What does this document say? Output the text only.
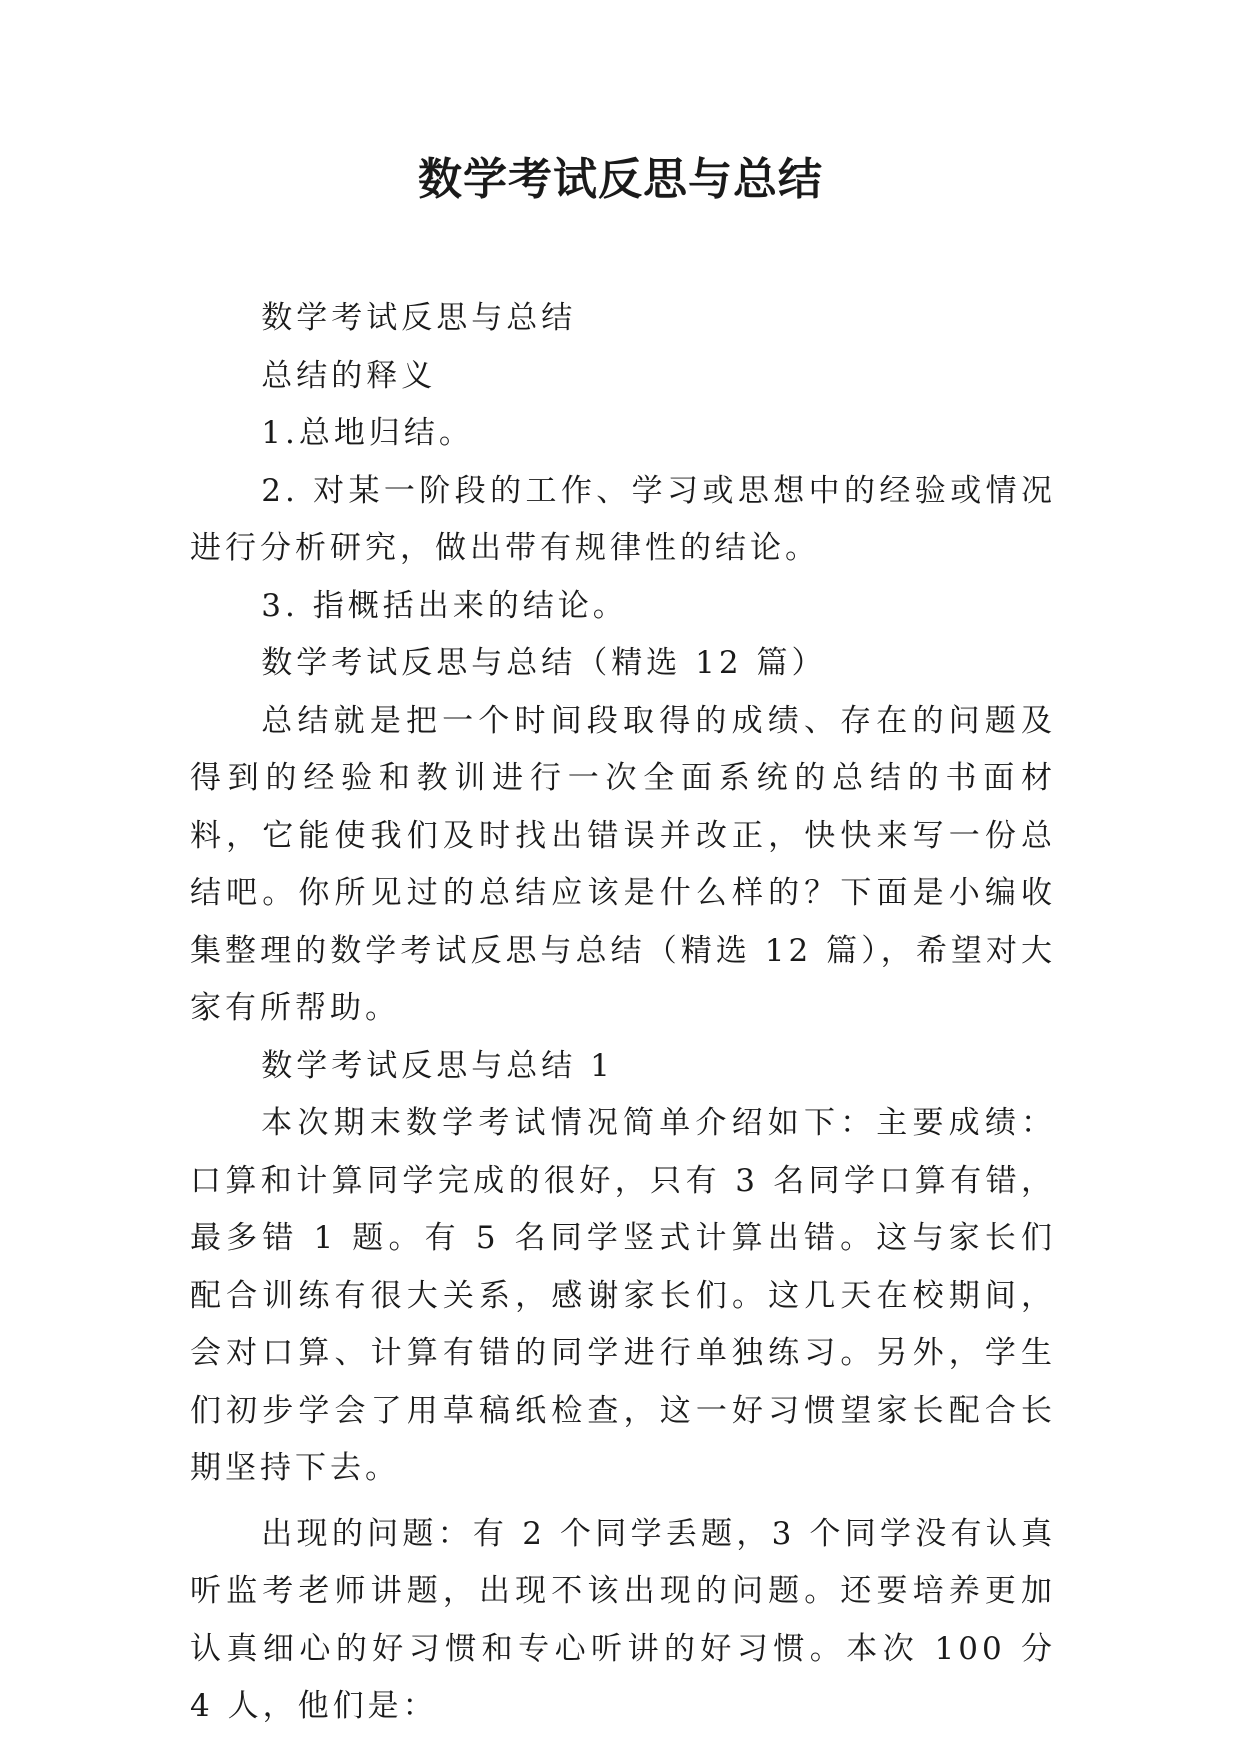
数学考试反思与总结

数学考试反思与总结

总结的释义

1.总地归结。

2. 对某一阶段的工作、学习或思想中的经验或情况进行分析研究，做出带有规律性的结论。

3. 指概括出来的结论。

数学考试反思与总结（精选 12 篇）

总结就是把一个时间段取得的成绩、存在的问题及得到的经验和教训进行一次全面系统的总结的书面材料，它能使我们及时找出错误并改正，快快来写一份总结吧。你所见过的总结应该是什么样的？下面是小编收集整理的数学考试反思与总结（精选 12 篇），希望对大家有所帮助。

数学考试反思与总结 1

本次期末数学考试情况简单介绍如下：主要成绩：口算和计算同学完成的很好，只有 3 名同学口算有错，最多错 1 题。有 5 名同学竖式计算出错。这与家长们配合训练有很大关系，感谢家长们。这几天在校期间，会对口算、计算有错的同学进行单独练习。另外，学生们初步学会了用草稿纸检查，这一好习惯望家长配合长期坚持下去。

出现的问题：有 2 个同学丢题，3 个同学没有认真听监考老师讲题，出现不该出现的问题。还要培养更加认真细心的好习惯和专心听讲的好习惯。本次 100 分 4 人，他们是：
